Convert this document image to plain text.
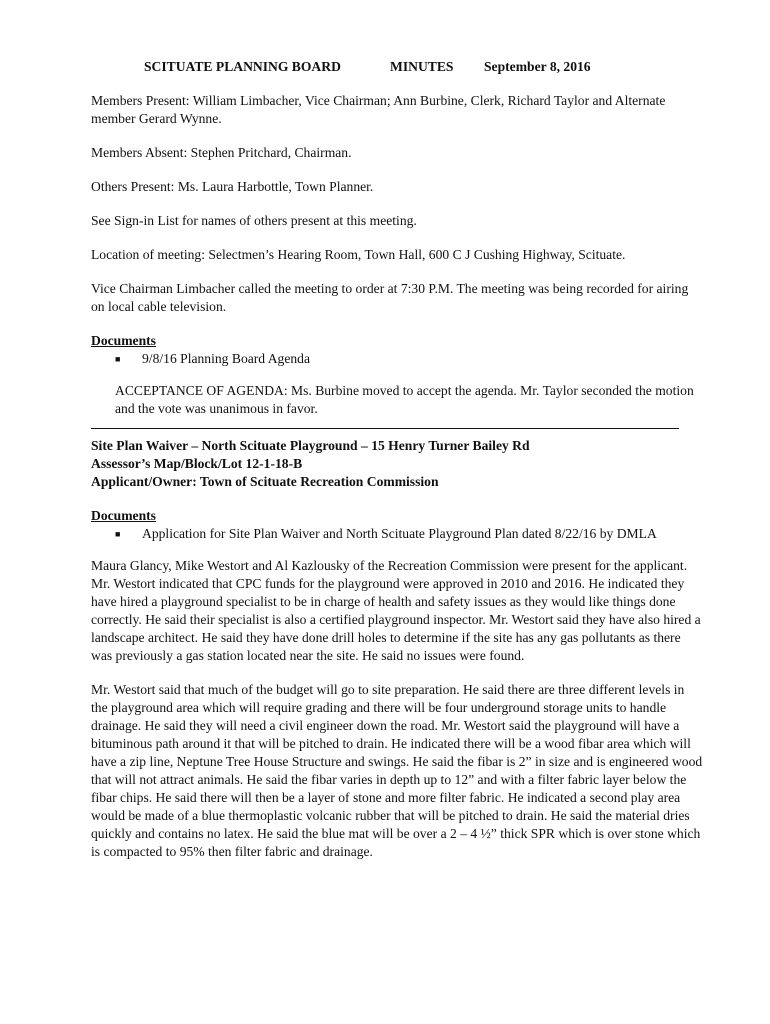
SCITUATE PLANNING BOARD	MINUTES September 8, 2016

Members Present: William Limbacher, Vice Chairman; Ann Burbine, Clerk, Richard Taylor and Alternate member Gerard Wynne.

Members Absent: Stephen Pritchard, Chairman.

Others Present: Ms. Laura Harbottle, Town Planner.

See Sign-in List for names of others present at this meeting.

Location of meeting: Selectmen’s Hearing Room, Town Hall, 600 C J Cushing Highway, Scituate.

Vice Chairman Limbacher called the meeting to order at 7:30 P.M. The meeting was being recorded for airing on local cable television.

Documents
■ 9/8/16 Planning Board Agenda
ACCEPTANCE OF AGENDA: Ms. Burbine moved to accept the agenda. Mr. Taylor seconded the motion and the vote was unanimous in favor.
Site Plan Waiver – North Scituate Playground – 15 Henry Turner Bailey Rd
Assessor’s Map/Block/Lot 12-1-18-B
Applicant/Owner: Town of Scituate Recreation Commission
Documents
■ Application for Site Plan Waiver and North Scituate Playground Plan dated 8/22/16 by DMLA

Maura Glancy, Mike Westort and Al Kazlousky of the Recreation Commission were present for the applicant. Mr. Westort indicated that CPC funds for the playground were approved in 2010 and 2016. He indicated they have hired a playground specialist to be in charge of health and safety issues as they would like things done correctly. He said their specialist is also a certified playground inspector. Mr. Westort said they have also hired a landscape architect. He said they have done drill holes to determine if the site has any gas pollutants as there was previously a gas station located near the site. He said no issues were found.

Mr. Westort said that much of the budget will go to site preparation. He said there are three different levels in the playground area which will require grading and there will be four underground storage units to handle drainage. He said they will need a civil engineer down the road. Mr. Westort said the playground will have a bituminous path around it that will be pitched to drain. He indicated there will be a wood fibar area which will have a zip line, Neptune Tree House Structure and swings. He said the fibar is 2” in size and is engineered wood that will not attract animals. He said the fibar varies in depth up to 12” and with a filter fabric layer below the fibar chips. He said there will then be a layer of stone and more filter fabric. He indicated a second play area would be made of a blue thermoplastic volcanic rubber that will be pitched to drain. He said the material dries quickly and contains no latex. He said the blue mat will be over a 2 – 4 ½” thick SPR which is over stone which is compacted to 95% then filter fabric and drainage.
